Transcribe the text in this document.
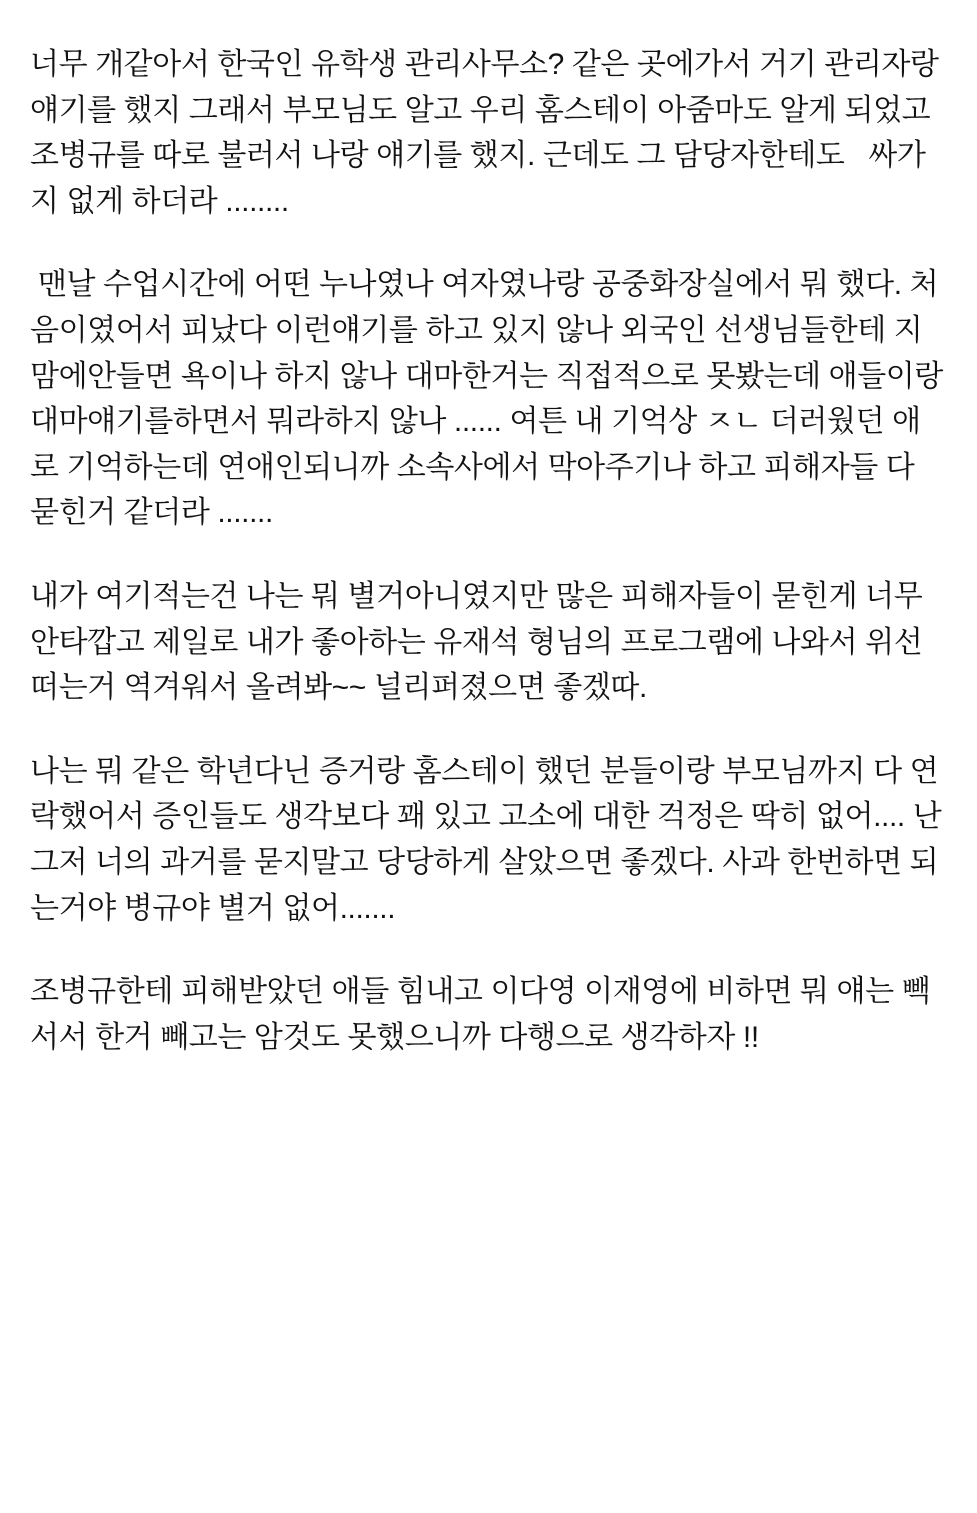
너무 개같아서 한국인 유학생 관리사무소? 같은 곳에가서 거기 관리자랑 얘기를 했지 그래서 부모님도 알고 우리 홈스테이 아줌마도 알게 되었고 조병규를 따로 불러서 나랑 얘기를 했지. 근데도 그 담당자한테도   싸가지 없게 하더라 ........

맨날 수업시간에 어떤 누나였나 여자였나랑 공중화장실에서 뭐 했다. 처음이였어서 피났다 이런얘기를 하고 있지 않나 외국인 선생님들한테 지 맘에안들면 욕이나 하지 않나 대마한거는 직접적으로 못봤는데 애들이랑 대마얘기를하면서 뭐라하지 않나 ...... 여튼 내 기억상 ㅈㄴ 더러웠던 애로 기억하는데 연애인되니까 소속사에서 막아주기나 하고 피해자들 다 묻힌거 같더라 .......

내가 여기적는건 나는 뭐 별거아니였지만 많은 피해자들이 묻힌게 너무 안타깝고 제일로 내가 좋아하는 유재석 형님의 프로그램에 나와서 위선떠는거 역겨워서 올려봐~~ 널리퍼졌으면 좋겠따.

나는 뭐 같은 학년다닌 증거랑 홈스테이 했던 분들이랑 부모님까지 다 연락했어서 증인들도 생각보다 꽤 있고 고소에 대한 걱정은 딱히 없어.... 난 그저 너의 과거를 묻지말고 당당하게 살았으면 좋겠다. 사과 한번하면 되는거야 병규야 별거 없어.......

조병규한테 피해받았던 애들 힘내고 이다영 이재영에 비하면 뭐 얘는 빽서서 한거 빼고는 암것도 못했으니까 다행으로 생각하자 !!
